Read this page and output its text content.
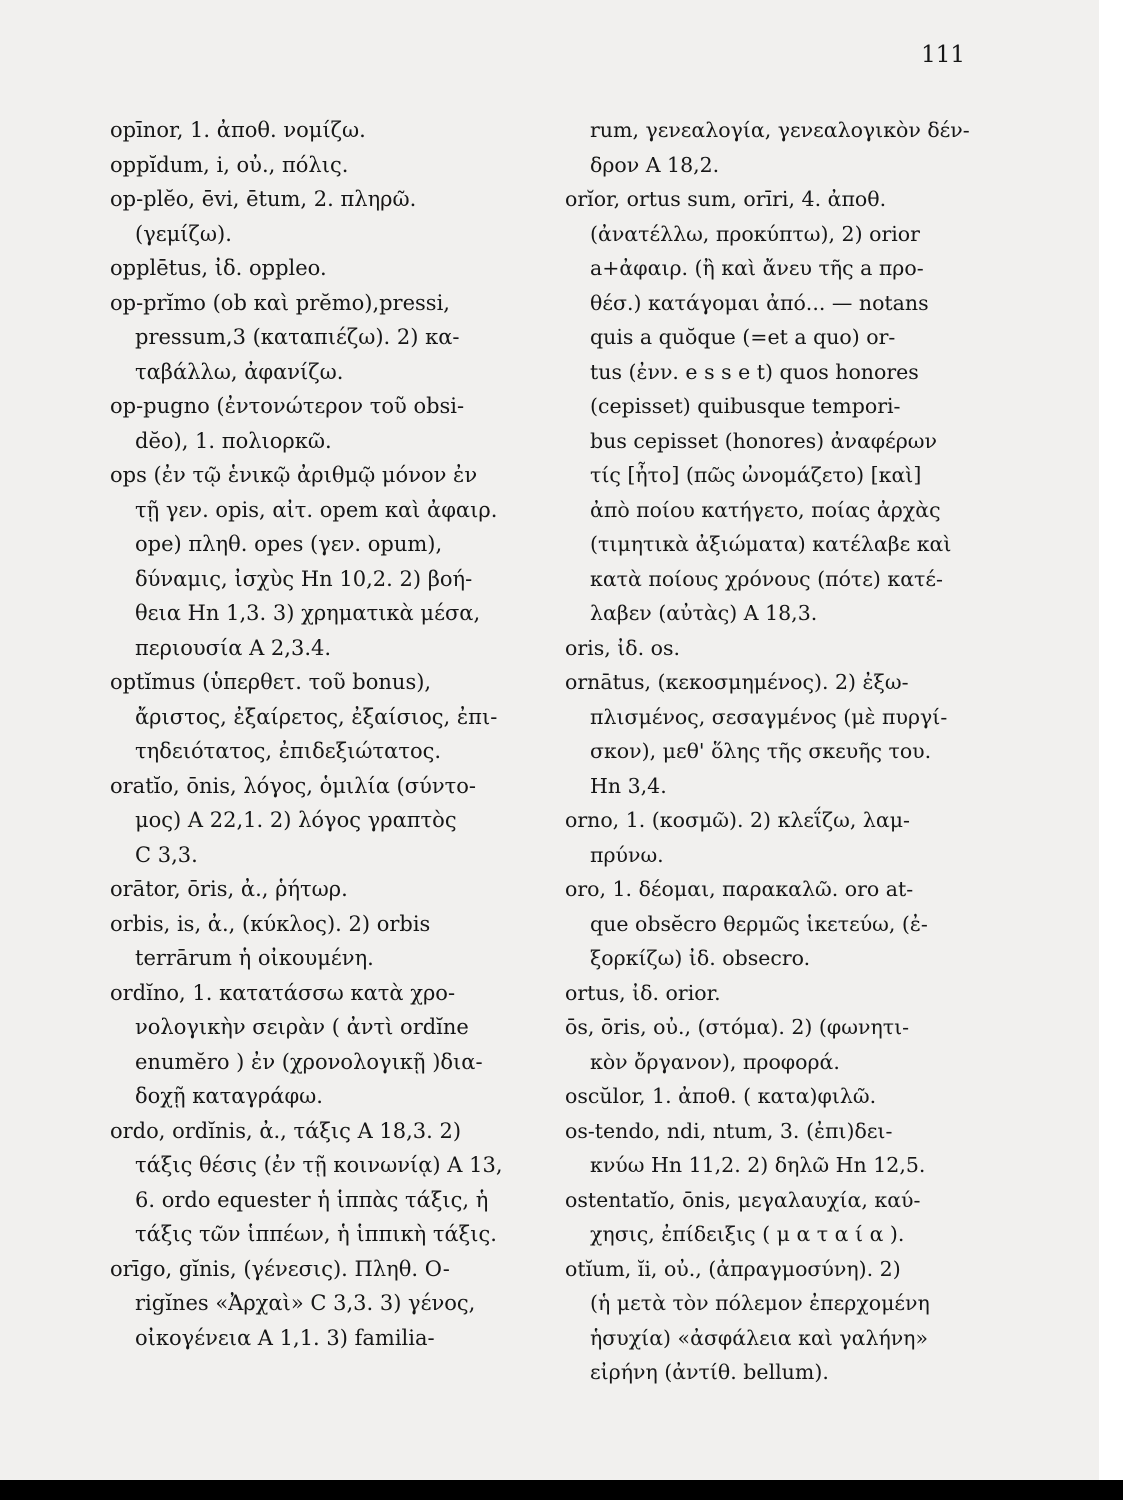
111
opīnor, 1. ἀποθ. νομίζω.
oppĭdum, i, οὐ., πόλις.
op-plĕo, ēvi, ētum, 2. πληρῶ.
(γεμίζω).
opplētus, ἰδ. oppleo.
op-prĭmo (ob καὶ prĕmo),pressi,
pressum,3 (καταπιέζω). 2) κα-
ταβάλλω, ἀφανίζω.
op-pugno (ἐντονώτερον τοῦ obsi-
dĕo), 1. πολιορκῶ.
ops (ἐν τῷ ἑνικῷ ἀριθμῷ μόνον ἐν
τῇ γεν. opis, αἰτ. opem καὶ ἀφαιρ.
ope) πληθ. opes (γεν. opum),
δύναμις, ἰσχὺς Hn 10,2. 2) βοή-
θεια Hn 1,3. 3) χρηματικὰ μέσα,
περιουσία A 2,3.4.
optĭmus (ὑπερθετ. τοῦ bonus),
ἄριστος, ἐξαίρετος, ἐξαίσιος, ἐπι-
τηδειότατος, ἐπιδεξιώτατος.
oratĭo, ōnis, λόγος, ὁμιλία (σύντο-
μος) A 22,1. 2) λόγος γραπτὸς
C 3,3.
orātor, ōris, ἀ., ῥήτωρ.
orbis, is, ἀ., (κύκλος). 2) orbis
terrārum ἡ οἰκουμένη.
ordĭno, 1. κατατάσσω κατὰ χρο-
νολογικὴν σειρὰν ( ἀντὶ ordĭne
enumĕro ) ἐν (χρονολογικῇ )δια-
δοχῇ καταγράφω.
ordo, ordĭnis, ἀ., τάξις A 18,3. 2)
τάξις θέσις (ἐν τῇ κοινωνίᾳ) A 13,
6. ordo equester ἡ ἱππὰς τάξις, ἡ
τάξις τῶν ἱππέων, ἡ ἱππικὴ τάξις.
orīgo, gĭnis, (γένεσις). Πληθ. O-
rigĭnes «Ἀρχαὶ» C 3,3. 3) γένος,
οἰκογένεια A 1,1. 3) familia-
rum, γενεαλογία, γενεαλογικὸν δέν-
δρον A 18,2.
orĭor, ortus sum, orīri, 4. ἀποθ.
(ἀνατέλλω, προκύπτω), 2) orior
a+ἀφαιρ. (ἢ καὶ ἄνευ τῆς a προ-
θέσ.) κατάγομαι ἀπό... — notans
quis a quŏque (=et a quo) or-
tus (ἐνν. e s s e t) quos honores
(cepisset) quibusque tempori-
bus cepisset (honores) ἀναφέρων
τίς [ἦτο] (πῶς ὠνομάζετο) [καὶ]
ἀπὸ ποίου κατήγετο, ποίας ἀρχὰς
(τιμητικὰ ἀξιώματα) κατέλαβε καὶ
κατὰ ποίους χρόνους (πότε) κατέ-
λαβεν (αὐτὰς) A 18,3.
oris, ἰδ. os.
ornātus, (κεκοσμημένος). 2) ἐξω-
πλισμένος, σεσαγμένος (μὲ πυργί-
σκον), μεθ' ὅλης τῆς σκευῆς του.
Hn 3,4.
orno, 1. (κοσμῶ). 2) κλεΐζω, λαμ-
πρύνω.
oro, 1. δέομαι, παρακαλῶ. oro at-
que obsĕcro θερμῶς ἱκετεύω, (ἐ-
ξορκίζω) ἰδ. obsecro.
ortus, ἰδ. orior.
ōs, ōris, οὐ., (στόμα). 2) (φωνητι-
κὸν ὄργανον), προφορά.
oscŭlor, 1. ἀποθ. ( κατα)φιλῶ.
os-tendo, ndi, ntum, 3. (ἐπι)δει-
κνύω Hn 11,2. 2) δηλῶ Hn 12,5.
ostentatĭo, ōnis, μεγαλαυχία, καύ-
χησις, ἐπίδειξις ( μ α τ α ί α ).
otĭum, ĭi, οὐ., (ἀπραγμοσύνη). 2)
(ἡ μετὰ τὸν πόλεμον ἐπερχομένη
ἡσυχία) «ἀσφάλεια καὶ γαλήνη»
εἰρήνη (ἀντίθ. bellum).
